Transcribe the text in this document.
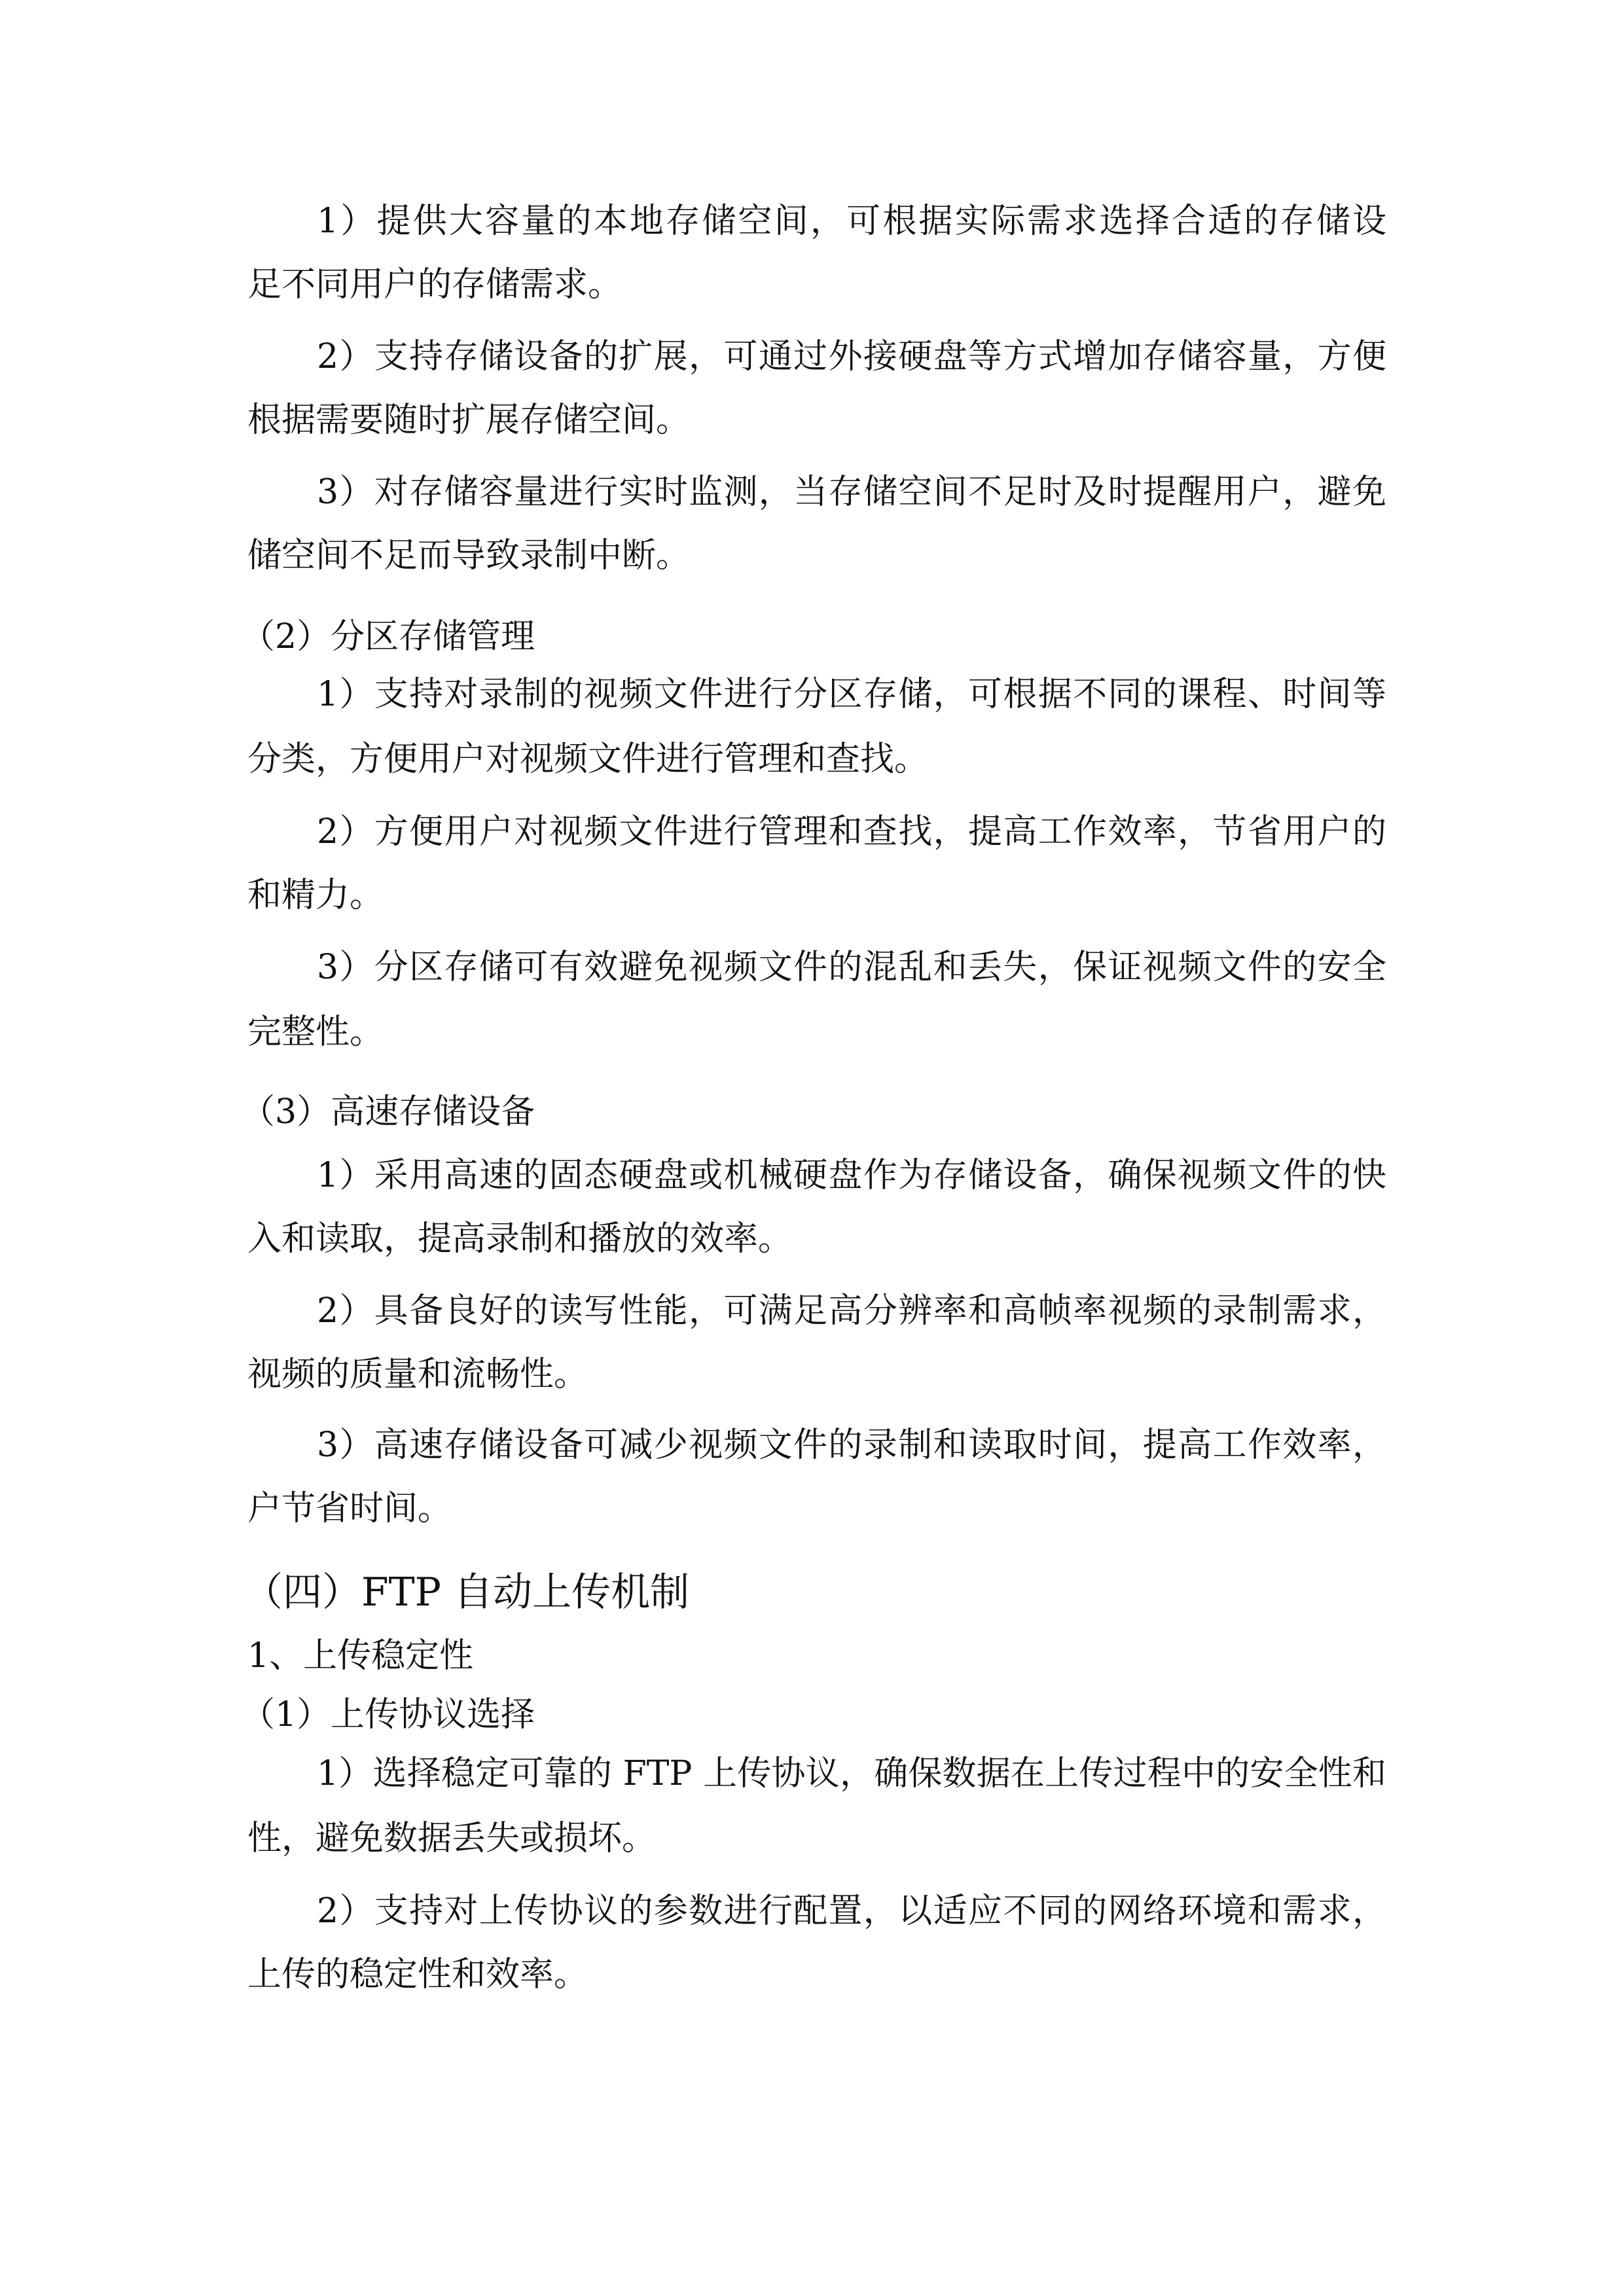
1）提供大容量的本地存储空间，可根据实际需求选择合适的存储设
足不同用户的存储需求。
2）支持存储设备的扩展，可通过外接硬盘等方式增加存储容量，方便
根据需要随时扩展存储空间。
3）对存储容量进行实时监测，当存储空间不足时及时提醒用户，避免
储空间不足而导致录制中断。
（2）分区存储管理
1）支持对录制的视频文件进行分区存储，可根据不同的课程、时间等
分类，方便用户对视频文件进行管理和查找。
2）方便用户对视频文件进行管理和查找，提高工作效率，节省用户的
和精力。
3）分区存储可有效避免视频文件的混乱和丢失，保证视频文件的安全
完整性。
（3）高速存储设备
1）采用高速的固态硬盘或机械硬盘作为存储设备，确保视频文件的快
入和读取，提高录制和播放的效率。
2）具备良好的读写性能，可满足高分辨率和高帧率视频的录制需求，
视频的质量和流畅性。
3）高速存储设备可减少视频文件的录制和读取时间，提高工作效率，
户节省时间。
（四）FTP 自动上传机制
1、上传稳定性
（1）上传协议选择
1）选择稳定可靠的 FTP 上传协议，确保数据在上传过程中的安全性和
性，避免数据丢失或损坏。
2）支持对上传协议的参数进行配置，以适应不同的网络环境和需求，
上传的稳定性和效率。
